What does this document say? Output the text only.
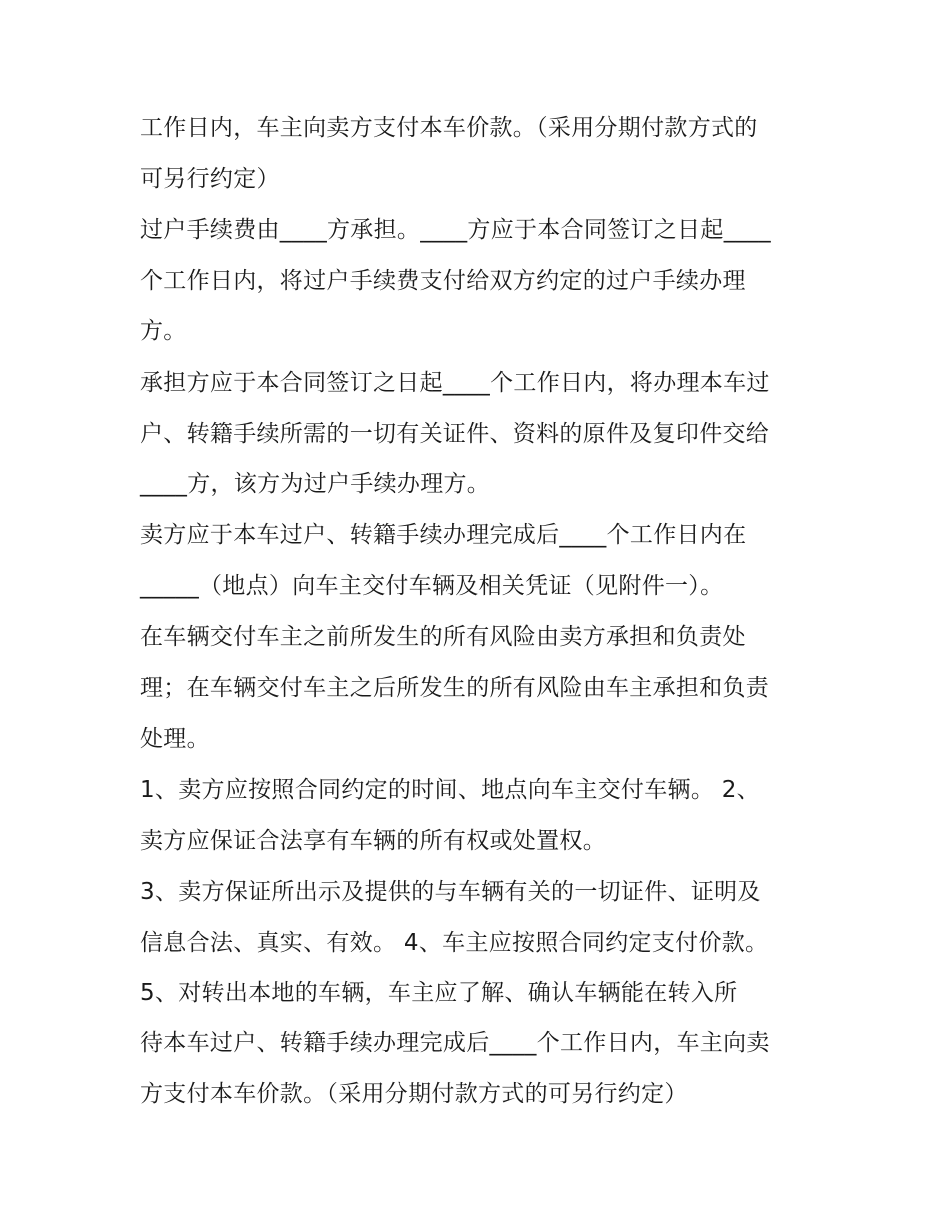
工作日内，车主向卖方支付本车价款。（采用分期付款方式的

可另行约定）

过户手续费由____方承担。____方应于本合同签订之日起____

个工作日内，将过户手续费支付给双方约定的过户手续办理

方。

承担方应于本合同签订之日起____个工作日内，将办理本车过

户、转籍手续所需的一切有关证件、资料的原件及复印件交给

____方，该方为过户手续办理方。

卖方应于本车过户、转籍手续办理完成后____个工作日内在

_____（地点）向车主交付车辆及相关凭证（见附件一）。

在车辆交付车主之前所发生的所有风险由卖方承担和负责处

理；在车辆交付车主之后所发生的所有风险由车主承担和负责

处理。

1、卖方应按照合同约定的时间、地点向车主交付车辆。 2、

卖方应保证合法享有车辆的所有权或处置权。

3、卖方保证所出示及提供的与车辆有关的一切证件、证明及

信息合法、真实、有效。 4、车主应按照合同约定支付价款。

5、对转出本地的车辆，车主应了解、确认车辆能在转入所

待本车过户、转籍手续办理完成后____个工作日内，车主向卖

方支付本车价款。（采用分期付款方式的可另行约定）
